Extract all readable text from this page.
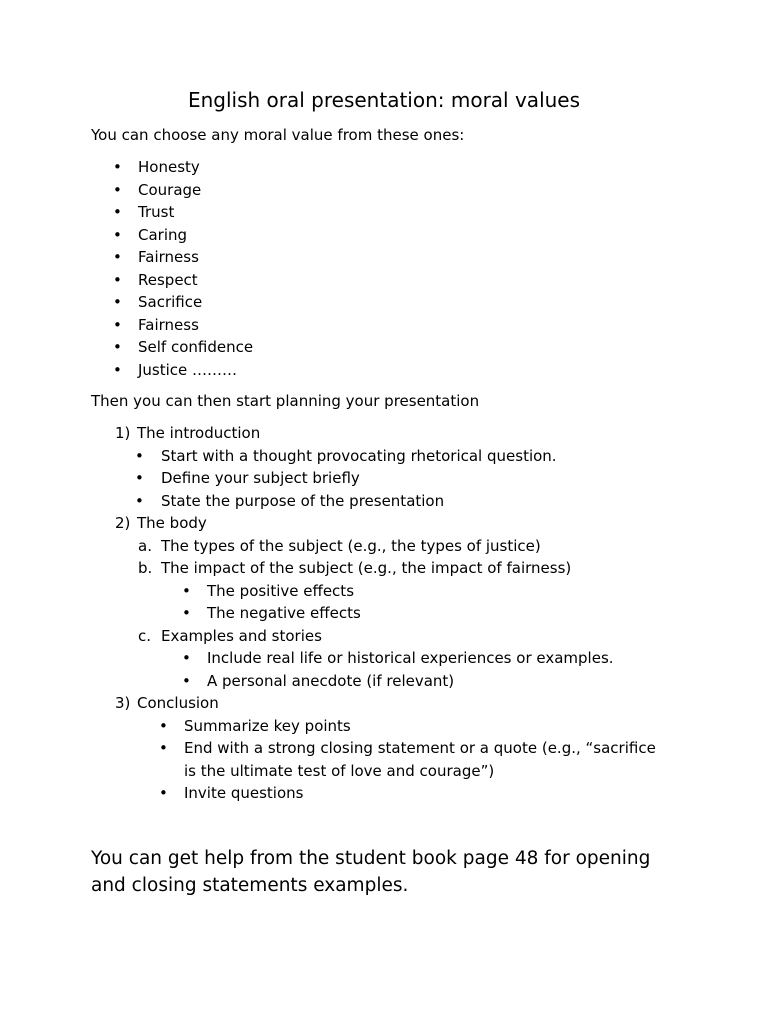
English oral presentation: moral values
You can choose any moral value from these ones:
• Honesty
• Courage
• Trust
• Caring
• Fairness
• Respect
• Sacrifice
• Fairness
• Self confidence
• Justice ………
Then you can then start planning your presentation
1) The introduction
• Start with a thought provocating rhetorical question.
• Define your subject briefly
• State the purpose of the presentation
2) The body
a. The types of the subject (e.g., the types of justice)
b. The impact of the subject (e.g., the impact of fairness)
• The positive effects
• The negative effects
c. Examples and stories
• Include real life or historical experiences or examples.
• A personal anecdote (if relevant)
3) Conclusion
• Summarize key points
• End with a strong closing statement or a quote (e.g., “sacrifice is the ultimate test of love and courage”)
• Invite questions
You can get help from the student book page 48 for opening and closing statements examples.
